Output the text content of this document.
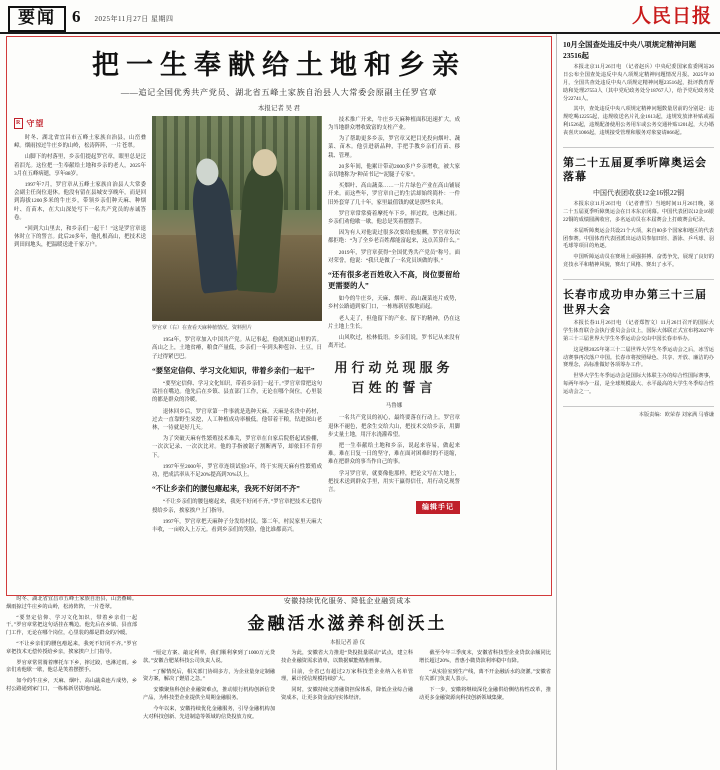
要闻 6 2025年11月27日 星期四	人民日报
把一生奉献给土地和乡亲
——追记全国优秀共产党员、湖北省五峰土家族自治县人大常委会原副主任罗官章
本报记者 吴 君
R 守望

时冬、湖北省宜昌市五峰土家族自治县，山峦叠嶂。烟雨掠过牛庄乡的山岭，松涛阵阵，一片苍翠。

山脚下的村落里，乡亲们提起罗官章，眼里总是泛着泪光。这位把一生奉献给土地和乡亲的老人，2025年3月在五峰病逝，享年88岁。

1997年7月，罗官章从五峰土家族自治县人大常委会副主任岗位退休。他没有留在县城安享晚年，而是回到海拔1200多米的牛庄乡，带领乡亲们种天麻、种烟叶、育苗木，在大山深处写下一名共产党员的赤诚答卷。

“回到大山里去，和乡亲们一起干！”这是罗官章退休时立下的誓言。此后20多年，他扎根高山，把技术送到田间地头，把温暖送进千家万户。

罗官章（右）在查看天麻种植情况。资料照片

1954年，罗官章加入中国共产党。从记事起，他就知道山里的苦。高山之上，土地贫瘠，粮食产量低，乡亲们一年到头种苞谷、土豆，日子过得紧巴巴。

“要坚定信仰、学习文化知识，带着乡亲们一起干”

“要坚定信仰、学习文化知识，带着乡亲们一起干。”罗官章常把这句话挂在嘴边。他先后在乡镇、县直部门工作，无论在哪个岗位，心里装的都是群众的冷暖。

退休回乡后，罗官章第一件事就是选种天麻。天麻是名贵中药材，过去一直靠野生采挖，人工种植成功率极低。他带着干粮，钻进深山老林，一待就是好几天。

为了突破天麻有性繁殖技术难关，罗官章在自家后院搭起试验棚，一次次记录、一次次比对。他的手指被锯子割断两节，却依旧不肯停下。

1997年至2000年，罗官章连续试验3年，终于实现天麻有性繁殖成功，把成活率从不足20%提高到70%以上。

“不让乡亲们的腰包瘪起来，我死不好闭不齐”

“不让乡亲们的腰包瘪起来，我死不好闭不齐。”罗官章把技术无偿传授给乡亲，挨家挨户上门指导。

1997年，罗官章把天麻种子分发给村民。第二年，村民家里天麻大丰收，一亩收入上万元。看到乡亲们的笑脸，他比谁都高兴。

技术推广开来，牛庄乡天麻种植面积迅速扩大，成为当地群众增收致富的支柱产业。

为了帮助更多乡亲，罗官章又把目光投向烟叶、蔬菜、苗木。他引进新品种，手把手教乡亲们育苗、移栽、管理。

20多年间，他累计带动2000多户乡亲增收，被大家亲切地称为“种苗书记”“泥腿子专家”。

买烟叶、高山蔬菜……一片片绿色产业在高山铺展开来。而这些年，罗官章自己的生活却始终简朴：一件旧外套穿了几十年，家里最值钱的就是那些农具。

罗官章常常骑着摩托车下乡，摔过跤，也淋过雨。乡亲们劝他歇一歇，他总是笑着摆摆手。

因为有人对他说过很多次要给他报酬，罗官章每次都拒绝：“为了全乡老百姓都能富起来，这点苦算什么。”

2019年，罗官章获得“全国优秀共产党员”称号。面对荣誉，他说：“我只是做了一名党员该做的事。”

“还有很多老百姓收入不高，岗位要留给更需要的人”

如今的牛庄乡，天麻、烟叶、高山蔬菜连片成势，乡村公路通到家门口，一栋栋新居拔地而起。

老人走了，但他留下的产业、留下的精神，仍在这片土地上生长。

山风吹过，松林低语。乡亲们说，罗书记从来没有离开过。

用行动兑现服务百姓的誓言
马鲁娜

一名共产党员的初心，最终要落在行动上。罗官章退休不褪色，把余生交给大山，把技术交给乡亲，用脚步丈量土地，用汗水浇灌希望。

把一生奉献给土地和乡亲，说起来容易，做起来难。难在日复一日的坚守，难在面对困难时的不退缩，难在把群众的事当作自己的事。

学习罗官章，就要像他那样，把论文写在大地上，把技术送到群众手里，用实干赢得信任，用行动兑现誓言。

编辑手记

时冬、湖北省宜昌市五峰土家族自治县，山峦叠嶂。烟雨掠过牛庄乡的山岭，松涛阵阵，一片苍翠。

“要坚定信仰、学习文化知识，带着乡亲们一起干。”罗官章常把这句话挂在嘴边。他先后在乡镇、县直部门工作，无论在哪个岗位，心里装的都是群众的冷暖。

“不让乡亲们的腰包瘪起来，我死不好闭不齐。”罗官章把技术无偿传授给乡亲，挨家挨户上门指导。

罗官章常常骑着摩托车下乡，摔过跤，也淋过雨。乡亲们劝他歇一歇，他总是笑着摆摆手。

如今的牛庄乡，天麻、烟叶、高山蔬菜连片成势，乡村公路通到家门口，一栋栋新居拔地而起。

安徽持续优化服务、降低企业融资成本
金融活水滋养科创沃土
本报记者 游 仪

“厘定方案、敲定利率，我们顺利拿到了1000万元贷款。”安徽合肥某科技公司负责人说。

“了解情况后，相关部门协调多方，为企业量身定制融资方案，解决了燃眉之急。”

安徽聚焦科创企业融资难点，推动银行机构创新信贷产品，为科技型企业提供全周期金融服务。

今年以来，安徽持续优化金融服务，引导金融机构加大对科技创新、先进制造等领域的信贷投放力度。

为此，安徽省大力推进“贷投批量联动”试点，建立科技企业融资需求清单，以数据赋能精准画像。

目前，全省已有超过2万家科技型企业纳入名单管理，累计授信规模持续扩大。

同时，安徽持续完善融资担保体系，降低企业综合融资成本，让更多资金流向实体经济。

截至今年三季度末，安徽省科技型企业贷款余额同比增长超过20%，普惠小微贷款利率稳中有降。

“从实验室到生产线，离不开金融活水的浇灌。”安徽省有关部门负责人表示。

下一步，安徽将继续深化金融供给侧结构性改革，推动更多金融资源向科技创新领域集聚。

10月全国查处违反中央八项规定精神问题23516起

本报北京11月26日电 （记者赵兵）中央纪委国家监委网站26日公布全国查处违反中央八项规定精神问题情况月报。2025年10月，全国共查处违反中央八项规定精神问题23516起，批评教育帮助和处理27553人（其中党纪政务处分18767人），给予党纪政务处分22741人。

其中，查处违反中央八项规定精神问题数量居前的分别是：违规吃喝12255起，违规收送名片礼金1613起，违规发放津补贴或福利1526起，违规配备使用公务用车或公务交通补贴1201起，大办婚丧喜庆1066起，违规接受管理和服务对象宴请866起。

第二十五届夏季听障奥运会落幕
中国代表团收获12金16银22铜

本报东京11月26日电 （记者曹雪）当地时间11月26日晚，第二十五届夏季听障奥运会在日本东京闭幕。中国代表团以12金16银22铜的成绩圆满收官，多名运动员在本届赛会上打破赛会纪录。

本届听障奥运会共设21个大项，来自80多个国家和地区的代表团参赛。中国体育代表团派出运动员参加田径、游泳、乒乓球、羽毛球等项目的角逐。

中国听障运动员在赛场上顽强拼搏、奋勇争先，展现了良好的竞技水平和精神风貌，赛出了风格、赛出了水平。

长春市成功申办第三十三届世界大会

本报长春11月26日电 （记者郑智文）11月26日召开的国际大学生体育联合会执行委员会会议上，国际大体联正式宣布将2027年第三十三届世界大学生冬季运动会交由中国长春市举办。

这是继2025年第三十二届世界大学生冬季运动会之后，冰雪运动赛事再次落户中国。长春市将按照绿色、共享、开放、廉洁的办赛理念，高标准做好各项筹办工作。

世界大学生冬季运动会是国际大体联主办的综合性国际赛事，每两年举办一届，是全球规模最大、水平最高的大学生冬季综合性运动会之一。

本版责编：欧荣春 刘家满 马睿谦
